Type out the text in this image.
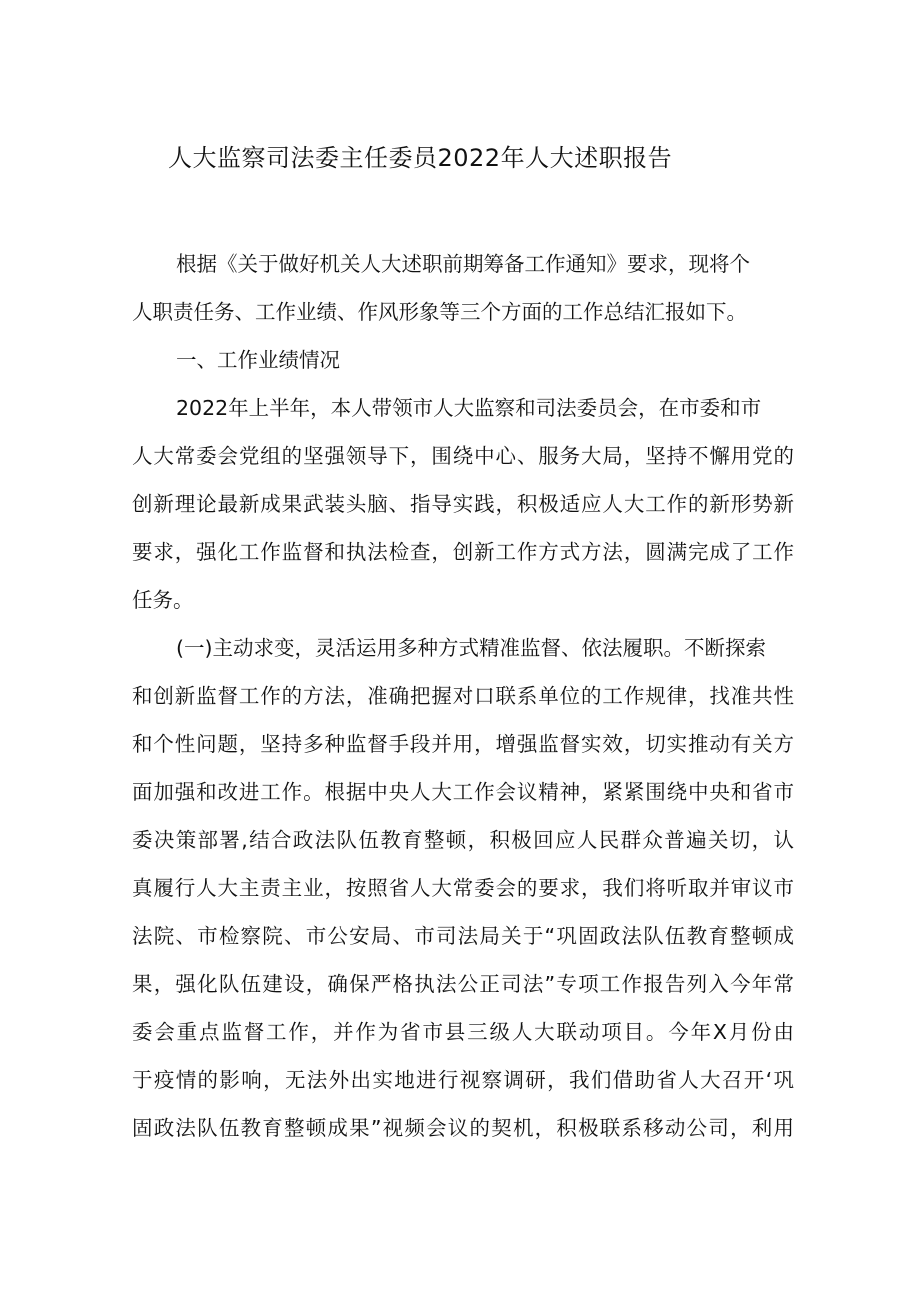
人大监察司法委主任委员2022年人大述职报告
根据《关于做好机关人大述职前期筹备工作通知》要求，现将个
人职责任务、工作业绩、作风形象等三个方面的工作总结汇报如下。
一、工作业绩情况
2022年上半年，本人带领市人大监察和司法委员会，在市委和市
人大常委会党组的坚强领导下，围绕中心、服务大局，坚持不懈用党的
创新理论最新成果武装头脑、指导实践，积极适应人大工作的新形势新
要求，强化工作监督和执法检查，创新工作方式方法，圆满完成了工作
任务。
(一)主动求变，灵活运用多种方式精准监督、依法履职。不断探索
和创新监督工作的方法，准确把握对口联系单位的工作规律，找准共性
和个性问题，坚持多种监督手段并用，增强监督实效，切实推动有关方
面加强和改进工作。根据中央人大工作会议精神，紧紧围绕中央和省市
委决策部署,结合政法队伍教育整顿，积极回应人民群众普遍关切，认
真履行人大主责主业，按照省人大常委会的要求，我们将听取并审议市
法院、市检察院、市公安局、市司法局关于“巩固政法队伍教育整顿成
果，强化队伍建设，确保严格执法公正司法”专项工作报告列入今年常
委会重点监督工作，并作为省市县三级人大联动项目。今年X月份由
于疫情的影响，无法外出实地进行视察调研，我们借助省人大召开‘巩
固政法队伍教育整顿成果”视频会议的契机，积极联系移动公司，利用
